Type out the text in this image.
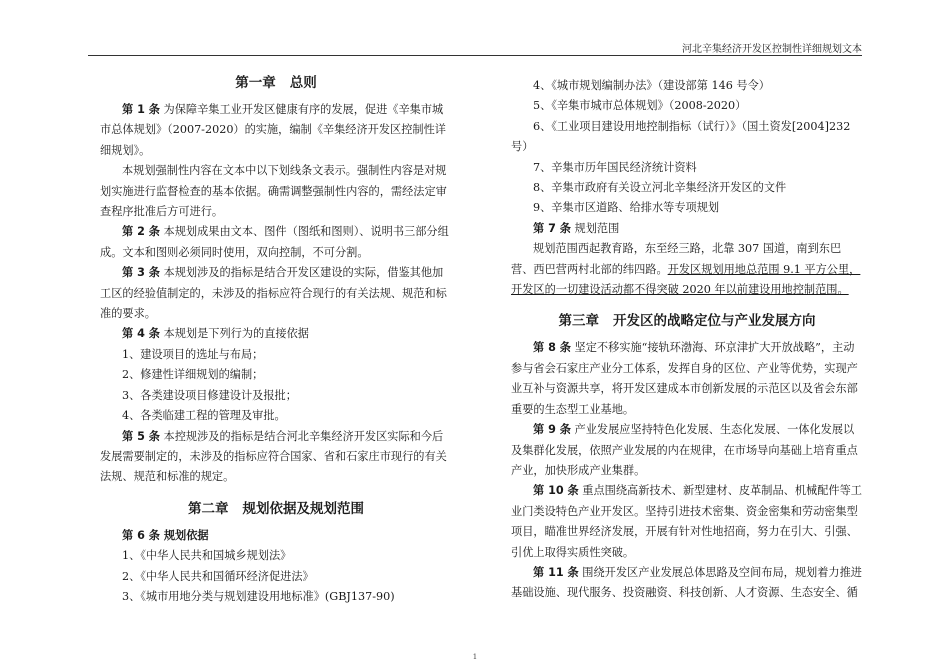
河北辛集经济开发区控制性详细规划文本
第一章 总则

第 1 条 为保障辛集工业开发区健康有序的发展，促进《辛集市城市总体规划》（2007-2020）的实施，编制《辛集经济开发区控制性详细规划》。

本规划强制性内容在文本中以下划线条文表示。强制性内容是对规划实施进行监督检查的基本依据。确需调整强制性内容的，需经法定审查程序批准后方可进行。

第 2 条 本规划成果由文本、图件（图纸和图则）、说明书三部分组成。文本和图则必须同时使用，双向控制，不可分割。

第 3 条 本规划涉及的指标是结合开发区建设的实际，借鉴其他加工区的经验值制定的，未涉及的指标应符合现行的有关法规、规范和标准的要求。

第 4 条 本规划是下列行为的直接依据

1、建设项目的选址与布局；

2、修建性详细规划的编制；

3、各类建设项目修建设计及报批；

4、各类临建工程的管理及审批。

第 5 条 本控规涉及的指标是结合河北辛集经济开发区实际和今后发展需要制定的，未涉及的指标应符合国家、省和石家庄市现行的有关法规、规范和标准的规定。

第二章 规划依据及规划范围

第 6 条 规划依据

1、《中华人民共和国城乡规划法》

2、《中华人民共和国循环经济促进法》

3、《城市用地分类与规划建设用地标准》(GBJ137-90)

4、《城市规划编制办法》（建设部第 146 号令）

5、《辛集市城市总体规划》（2008-2020）

6、《工业项目建设用地控制指标（试行）》（国土资发[2004]232号）

7、辛集市历年国民经济统计资料

8、辛集市政府有关设立河北辛集经济开发区的文件

9、辛集市区道路、给排水等专项规划

第 7 条 规划范围

规划范围西起教育路，东至经三路，北靠 307 国道，南到东巴营、西巴营两村北部的纬四路。开发区规划用地总范围 9.1 平方公里，开发区的一切建设活动都不得突破 2020 年以前建设用地控制范围。

第三章 开发区的战略定位与产业发展方向

第 8 条 坚定不移实施“接轨环渤海、环京津扩大开放战略”，主动参与省会石家庄产业分工体系，发挥自身的区位、产业等优势，实现产业互补与资源共享，将开发区建成本市创新发展的示范区以及省会东部重要的生态型工业基地。

第 9 条 产业发展应坚持特色化发展、生态化发展、一体化发展以及集群化发展，依照产业发展的内在规律，在市场导向基础上培育重点产业，加快形成产业集群。

第 10 条 重点围绕高新技术、新型建材、皮革制品、机械配件等工业门类设特色产业开发区。坚持引进技术密集、资金密集和劳动密集型项目，瞄准世界经济发展，开展有针对性地招商，努力在引大、引强、引优上取得实质性突破。

第 11 条 围绕开发区产业发展总体思路及空间布局，规划着力推进基础设施、现代服务、投资融资、科技创新、人才资源、生态安全、循

1
